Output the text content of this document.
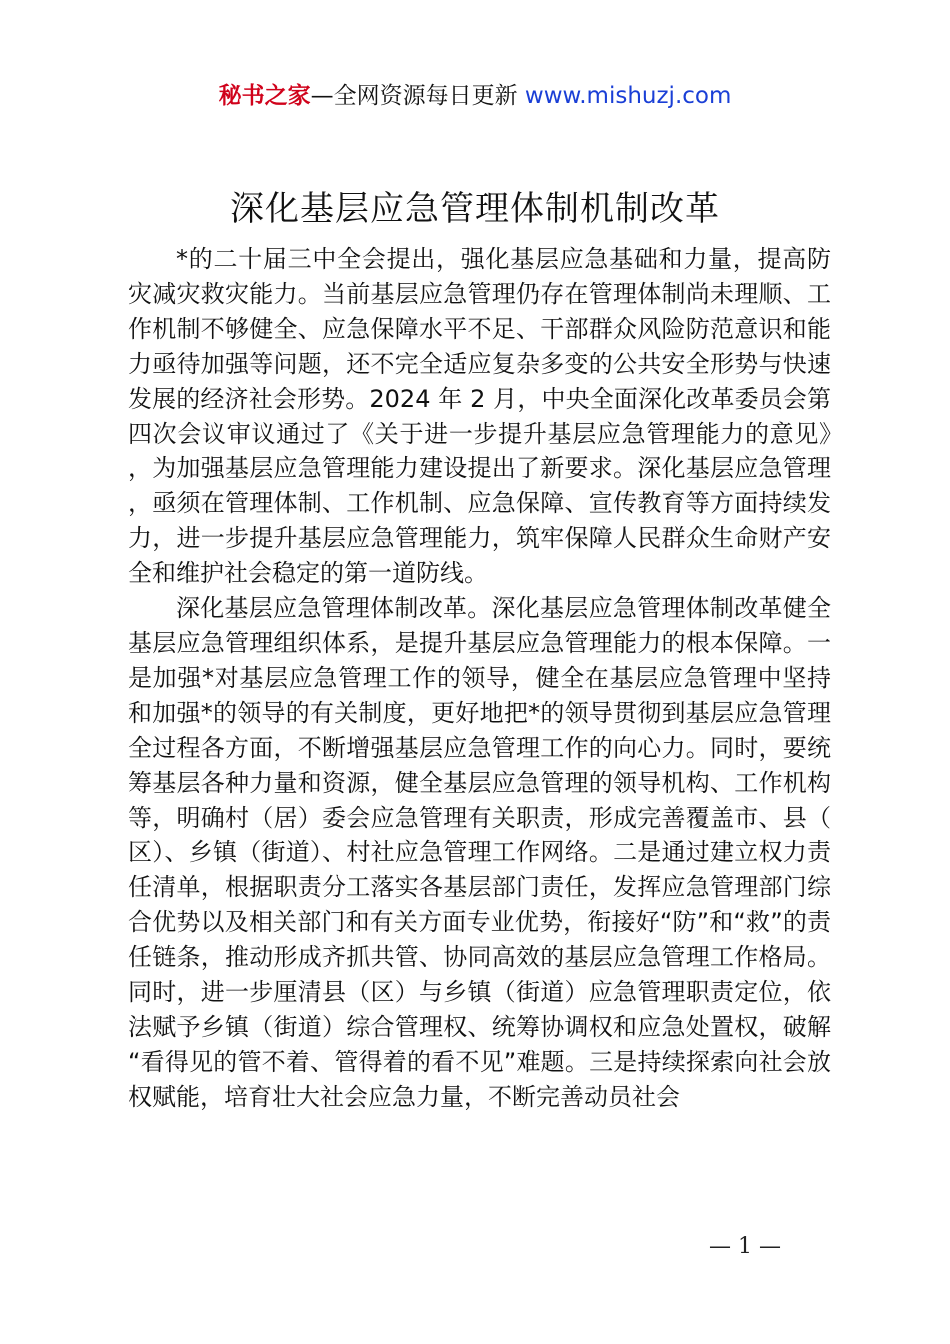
秘书之家—全网资源每日更新 www.mishuzj.com
深化基层应急管理体制机制改革

*的二十届三中全会提出，强化基层应急基础和力量，提高防灾减灾救灾能力。当前基层应急管理仍存在管理体制尚未理顺、工作机制不够健全、应急保障水平不足、干部群众风险防范意识和能力亟待加强等问题，还不完全适应复杂多变的公共安全形势与快速发展的经济社会形势。2024 年 2 月，中央全面深化改革委员会第四次会议审议通过了《关于进一步提升基层应急管理能力的意见》，为加强基层应急管理能力建设提出了新要求。深化基层应急管理，亟须在管理体制、工作机制、应急保障、宣传教育等方面持续发力，进一步提升基层应急管理能力，筑牢保障人民群众生命财产安全和维护社会稳定的第一道防线。

深化基层应急管理体制改革。深化基层应急管理体制改革健全基层应急管理组织体系，是提升基层应急管理能力的根本保障。一是加强*对基层应急管理工作的领导，健全在基层应急管理中坚持和加强*的领导的有关制度，更好地把*的领导贯彻到基层应急管理全过程各方面，不断增强基层应急管理工作的向心力。同时，要统筹基层各种力量和资源，健全基层应急管理的领导机构、工作机构等，明确村（居）委会应急管理有关职责，形成完善覆盖市、县（区）、乡镇（街道）、村社应急管理工作网络。二是通过建立权力责任清单，根据职责分工落实各基层部门责任，发挥应急管理部门综合优势以及相关部门和有关方面专业优势，衔接好“防”和“救”的责任链条，推动形成齐抓共管、协同高效的基层应急管理工作格局。同时，进一步厘清县（区）与乡镇（街道）应急管理职责定位，依法赋予乡镇（街道）综合管理权、统筹协调权和应急处置权，破解“看得见的管不着、管得着的看不见”难题。三是持续探索向社会放权赋能，培育壮大社会应急力量，不断完善动员社会

— 1 —
